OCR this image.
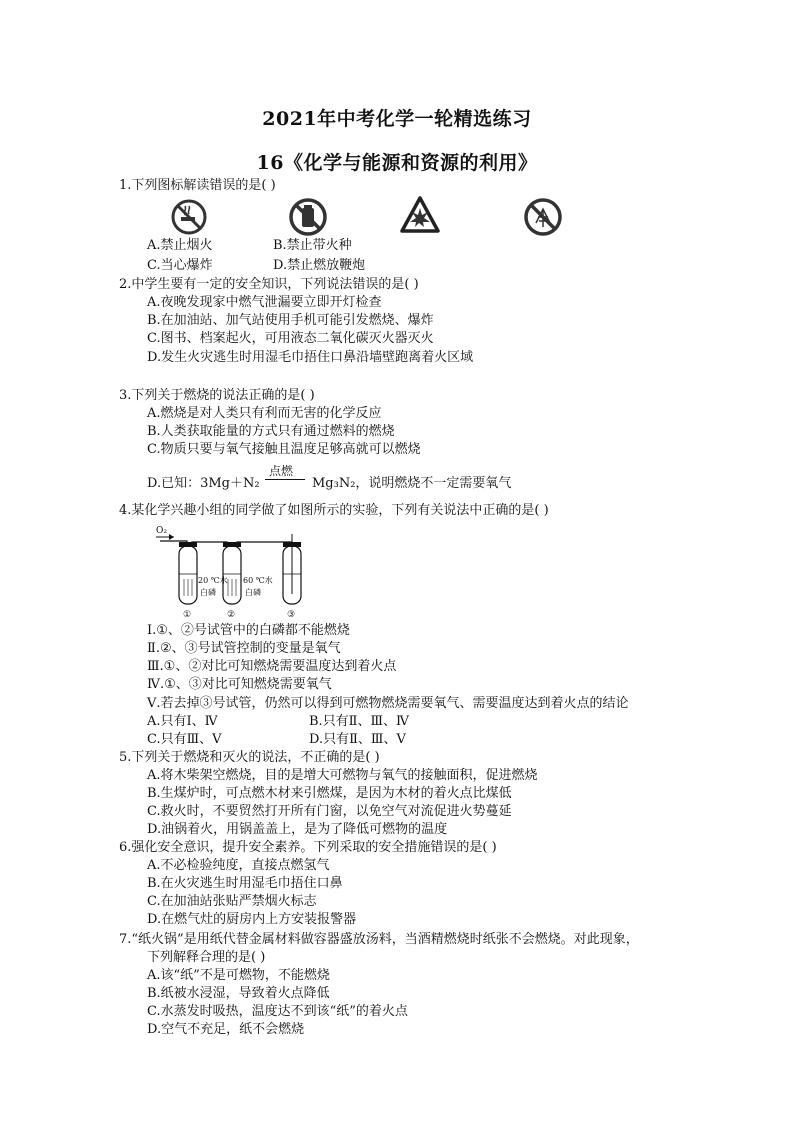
2021年中考化学一轮精选练习
16《化学与能源和资源的利用》
1.下列图标解读错误的是( )
A.禁止烟火	B.禁止带火种
C.当心爆炸	D.禁止燃放鞭炮
2.中学生要有一定的安全知识，下列说法错误的是( )
A.夜晚发现家中燃气泄漏要立即开灯检查
B.在加油站、加气站使用手机可能引发燃烧、爆炸
C.图书、档案起火，可用液态二氧化碳灭火器灭火
D.发生火灾逃生时用湿毛巾捂住口鼻沿墙壁跑离着火区域
3.下列关于燃烧的说法正确的是( )
A.燃烧是对人类只有利而无害的化学反应
B.人类获取能量的方式只有通过燃料的燃烧
C.物质只要与氧气接触且温度足够高就可以燃烧
D.已知：3Mg＋N₂
点燃
Mg₃N₂，说明燃烧不一定需要氧气
4.某化学兴趣小组的同学做了如图所示的实验，下列有关说法中正确的是( )
O₂
20 ℃水
白磷
60 ℃水
白磷
①	②	③
Ⅰ.①、②号试管中的白磷都不能燃烧
Ⅱ.②、③号试管控制的变量是氧气
Ⅲ.①、②对比可知燃烧需要温度达到着火点
Ⅳ.①、③对比可知燃烧需要氧气
Ⅴ.若去掉③号试管，仍然可以得到可燃物燃烧需要氧气、需要温度达到着火点的结论
A.只有Ⅰ、Ⅳ	B.只有Ⅱ、Ⅲ、Ⅳ
C.只有Ⅲ、Ⅴ	D.只有Ⅱ、Ⅲ、Ⅴ
5.下列关于燃烧和灭火的说法，不正确的是( )
A.将木柴架空燃烧，目的是增大可燃物与氧气的接触面积，促进燃烧
B.生煤炉时，可点燃木材来引燃煤，是因为木材的着火点比煤低
C.救火时，不要贸然打开所有门窗，以免空气对流促进火势蔓延
D.油锅着火，用锅盖盖上，是为了降低可燃物的温度
6.强化安全意识，提升安全素养。下列采取的安全措施错误的是( )
A.不必检验纯度，直接点燃氢气
B.在火灾逃生时用湿毛巾捂住口鼻
C.在加油站张贴严禁烟火标志
D.在燃气灶的厨房内上方安装报警器
7.“纸火锅”是用纸代替金属材料做容器盛放汤料，当酒精燃烧时纸张不会燃烧。对此现象，
下列解释合理的是( )
A.该“纸”不是可燃物，不能燃烧
B.纸被水浸湿，导致着火点降低
C.水蒸发时吸热，温度达不到该“纸”的着火点
D.空气不充足，纸不会燃烧
